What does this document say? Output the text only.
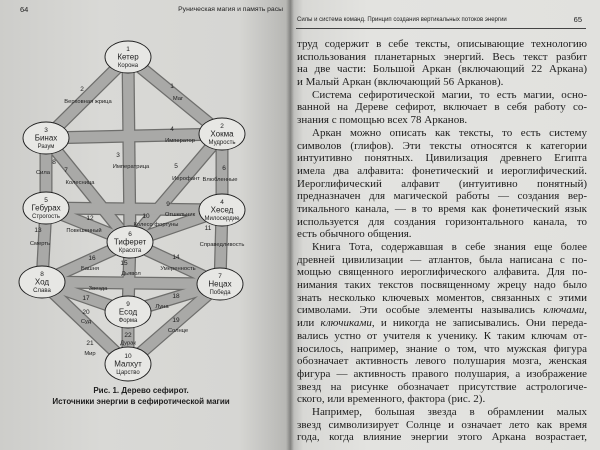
64	Руническая магия и память расы
1
Кетер
Корона
2
Хокма
Мудрость
3
Бинах
Разум
4
Хесед
Милосердие
5
Гебурах
Строгость
6
Тиферет
Красота
7
Нецах
Победа
8
Ход
Слава
9
Есод
Форма
10
Малхут
Царство
1
Маг
2
Верховная жрица
3
Императрица
4
Император
5
Иерофант
6
Влюбленные
7
Колесница
8
Сила
9
Отшельник
10
Колесо фортуны	11
Справедливость
12
Повешенный
13
Смерть
14
Умеренность
15
Дьявол
16
Башня
17
Звезда
18
Луна
19
Солнце
20
Суд
21
Мир
22
Дурак
Рис. 1. Дерево сефирот.
Источники энергии в сефиротической магии
Силы и система команд. Принцип создания вертикальных потоков энергии	65
труд содержит в себе тексты, описывающие технологию
использования планетарных энергий. Весь текст разбит
на две части: Большой Аркан (включающий 22 Аркана)
и Малый Аркан (включающий 56 Арканов).
Система сефиротической магии, то есть магии, осно-
ванной на Дереве сефирот, включает в себя работу со-
знания с помощью всех 78 Арканов.
Аркан можно описать как тексты, то есть систему
символов (глифов). Эти тексты относятся к категории
интуитивно понятных. Цивилизация древнего Египта
имела два алфавита: фонетический и иероглифический.
Иероглифический алфавит (интуитивно понятный)
предназначен для магической работы — создания вер-
тикального канала, — в то время как фонетический язык
используется для создания горизонтального канала, то
есть обычного общения.
Книга Тота, содержавшая в себе знания еще более
древней цивилизации — атлантов, была написана с по-
мощью священного иероглифического алфавита. Для по-
нимания таких текстов посвященному жрецу надо было
знать несколько ключевых моментов, связанных с этими
символами. Эти особые элементы назывались ключами,
или ключиками, и никогда не записывались. Они переда-
вались устно от учителя к ученику. К таким ключам от-
носилось, например, знание о том, что мужская фигура
обозначает активность левого полушария мозга, женская
фигура — активность правого полушария, а изображение
звезд на рисунке обозначает присутствие астрологиче-
ского, или временного, фактора (рис. 2).
Например, большая звезда в обрамлении малых
звезд символизирует Солнце и означает лето как время
года, когда влияние энергии этого Аркана возрастает,
